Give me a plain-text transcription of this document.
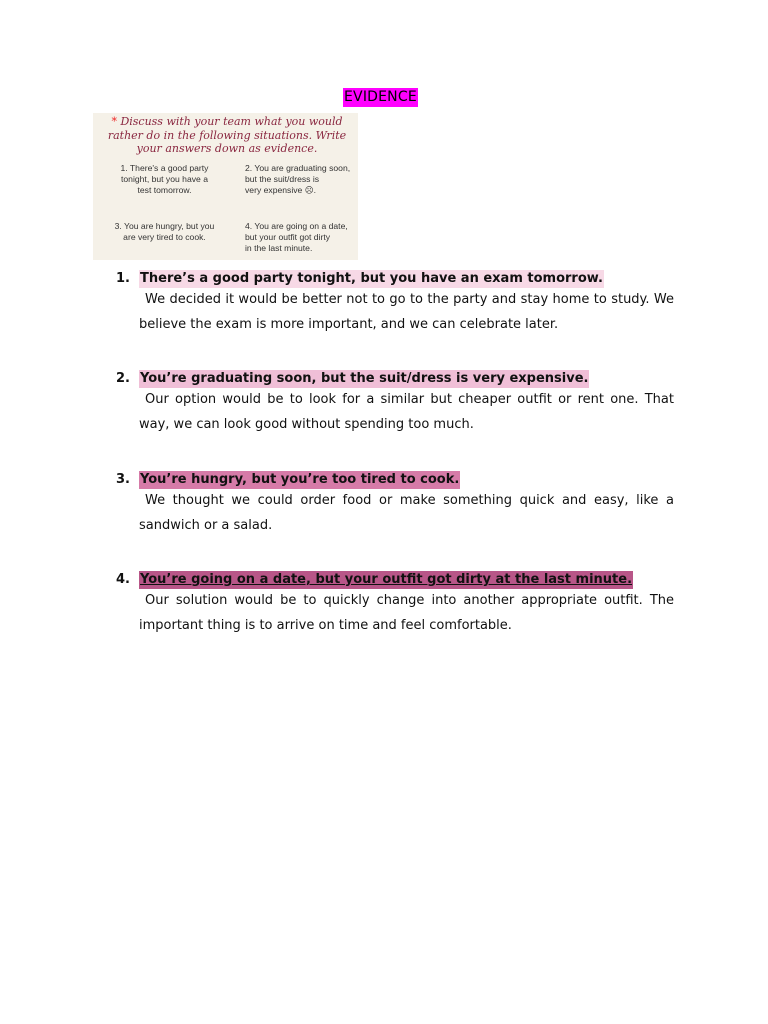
EVIDENCE
* Discuss with your team what you would rather do in the following situations. Write your answers down as evidence.
1. There's a good party
tonight, but you have a
test tomorrow.
2. You are graduating soon,
but the suit/dress is
very expensive ☹.
3. You are hungry, but you
are very tired to cook.
4. You are going on a date,
but your outfit got dirty
in the last minute.
1. There’s a good party tonight, but you have an exam tomorrow.
We decided it would be better not to go to the party and stay home to study. We believe the exam is more important, and we can celebrate later.
2. You’re graduating soon, but the suit/dress is very expensive.
Our option would be to look for a similar but cheaper outfit or rent one. That way, we can look good without spending too much.
3. You’re hungry, but you’re too tired to cook.
We thought we could order food or make something quick and easy, like a sandwich or a salad.
4. You’re going on a date, but your outfit got dirty at the last minute.
Our solution would be to quickly change into another appropriate outfit. The important thing is to arrive on time and feel comfortable.
